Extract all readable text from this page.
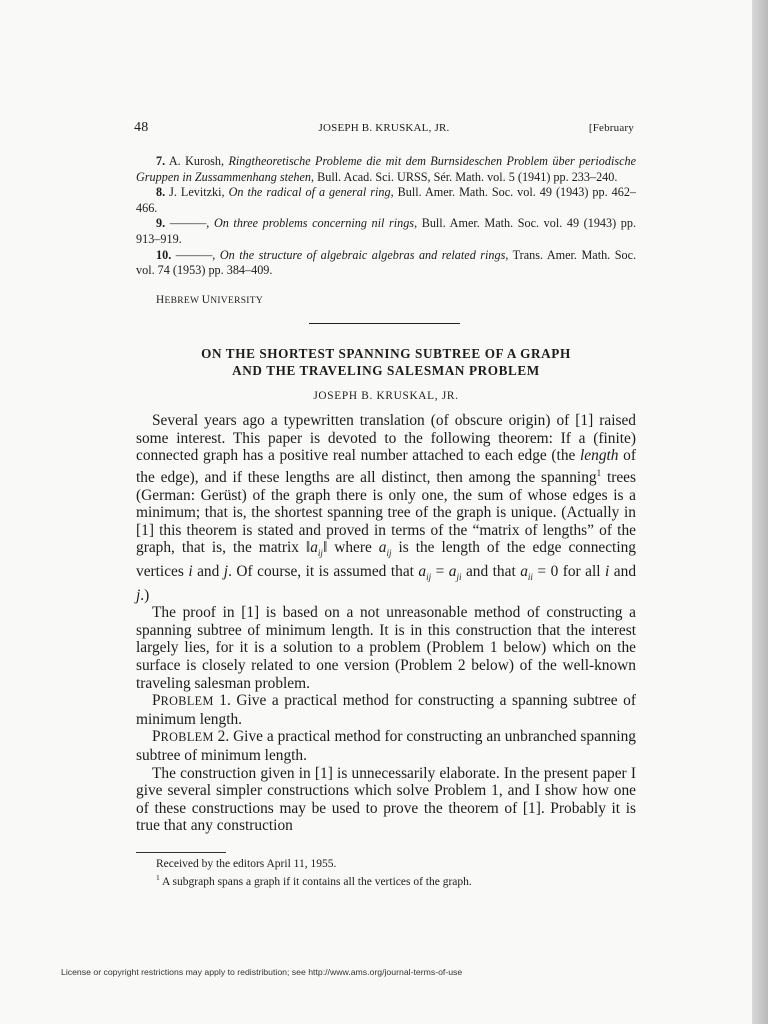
48	JOSEPH B. KRUSKAL, JR.	[February

7. A. Kurosh, Ringtheoretische Probleme die mit dem Burnsideschen Problem über periodische Gruppen in Zussammenhang stehen, Bull. Acad. Sci. URSS, Sér. Math. vol. 5 (1941) pp. 233–240.

8. J. Levitzki, On the radical of a general ring, Bull. Amer. Math. Soc. vol. 49 (1943) pp. 462–466.

9. ———, On three problems concerning nil rings, Bull. Amer. Math. Soc. vol. 49 (1943) pp. 913–919.

10. ———, On the structure of algebraic algebras and related rings, Trans. Amer. Math. Soc. vol. 74 (1953) pp. 384–409.

HEBREW UNIVERSITY
ON THE SHORTEST SPANNING SUBTREE OF A GRAPH
AND THE TRAVELING SALESMAN PROBLEM
JOSEPH B. KRUSKAL, JR.

Several years ago a typewritten translation (of obscure origin) of [1] raised some interest. This paper is devoted to the following theorem: If a (finite) connected graph has a positive real number attached to each edge (the length of the edge), and if these lengths are all distinct, then among the spanning$^1$ trees (German: Gerüst) of the graph there is only one, the sum of whose edges is a minimum; that is, the shortest spanning tree of the graph is unique. (Actually in [1] this theorem is stated and proved in terms of the “matrix of lengths” of the graph, that is, the matrix $‖a_{ij}‖$ where $a_{ij}$ is the length of the edge connecting vertices i and j. Of course, it is assumed that $a_{ij} = a_{ji}$ and that $a_{ii} = 0$ for all i and j.)

The proof in [1] is based on a not unreasonable method of constructing a spanning subtree of minimum length. It is in this construction that the interest largely lies, for it is a solution to a problem (Problem 1 below) which on the surface is closely related to one version (Problem 2 below) of the well-known traveling salesman problem.

PROBLEM 1. Give a practical method for constructing a spanning subtree of minimum length.

PROBLEM 2. Give a practical method for constructing an unbranched spanning subtree of minimum length.

The construction given in [1] is unnecessarily elaborate. In the present paper I give several simpler constructions which solve Problem 1, and I show how one of these constructions may be used to prove the theorem of [1]. Probably it is true that any construction

Received by the editors April 11, 1955.

$^1$ A subgraph spans a graph if it contains all the vertices of the graph.

License or copyright restrictions may apply to redistribution; see http://www.ams.org/journal-terms-of-use
